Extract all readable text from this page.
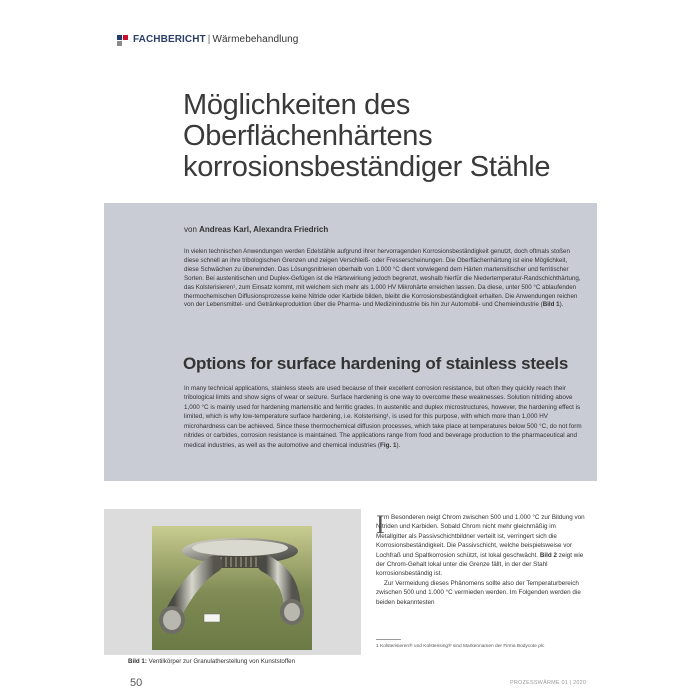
FACHBERICHT | Wärmebehandlung
Möglichkeiten des Oberflächenhärtens korrosionsbeständiger Stähle
von Andreas Karl, Alexandra Friedrich

In vielen technischen Anwendungen werden Edelstähle aufgrund ihrer hervorragenden Korrosionsbeständigkeit genutzt, doch oftmals stoßen diese schnell an ihre tribologischen Grenzen und zeigen Verschleiß- oder Fresserscheinungen. Die Oberflächenhärtung ist eine Möglichkeit, diese Schwächen zu überwinden. Das Lösungsnitrieren oberhalb von 1.000 °C dient vorwiegend dem Härten martensitischer und ferritischer Sorten. Bei austenitischen und Duplex-Gefügen ist die Härtewirkung jedoch begrenzt, weshalb hierfür die Niedertemperatur-Randschichthärtung, das Kolsterisieren¹, zum Einsatz kommt, mit welchem sich mehr als 1.000 HV Mikrohärte erreichen lassen. Da diese, unter 500 °C ablaufenden thermochemischen Diffusionsprozesse keine Nitride oder Karbide bilden, bleibt die Korrosionsbeständigkeit erhalten. Die Anwendungen reichen von der Lebensmittel- und Getränkeproduktion über die Pharma- und Medizinindustrie bis hin zur Automobil- und Chemieindustrie (Bild 1).

Options for surface hardening of stainless steels

In many technical applications, stainless steels are used because of their excellent corrosion resistance, but often they quickly reach their tribological limits and show signs of wear or seizure. Surface hardening is one way to overcome these weaknesses. Solution nitriding above 1,000 °C is mainly used for hardening martensitic and ferritic grades. In austenitic and duplex microstructures, however, the hardening effect is limited, which is why low-temperature surface hardening, i.e. Kolsterising¹, is used for this purpose, with which more than 1,000 HV microhardness can be achieved. Since these thermochemical diffusion processes, which take place at temperatures below 500 °C, do not form nitrides or carbides, corrosion resistance is maintained. The applications range from food and beverage production to the pharmaceutical and medical industries, as well as the automotive and chemical industries (Fig. 1).

Bild 1: Ventilkörper zur Granulatherstellung von Kunststoffen
I m Besonderen neigt Chrom zwischen 500 und 1.000 °C zur Bildung von Nitriden und Karbiden. Sobald Chrom nicht mehr gleichmäßig im Metallgitter als Passivschichtbildner verteilt ist, verringert sich die Korrosionsbeständigkeit. Die Passivschicht, welche beispielsweise vor Lochfraß und Spaltkorrosion schützt, ist lokal geschwächt. Bild 2 zeigt wie der Chrom-Gehalt lokal unter die Grenze fällt, in der der Stahl korrosionsbeständig ist.

Zur Vermeidung dieses Phänomens sollte also der Temperaturbereich zwischen 500 und 1.000 °C vermieden werden. Im Folgenden werden die beiden bekanntesten

1 Kolsterisieren® und Kolsterising® sind Markennamen der Firma Bodycote plc
50	PROZESSWÄRME 01 | 2020
